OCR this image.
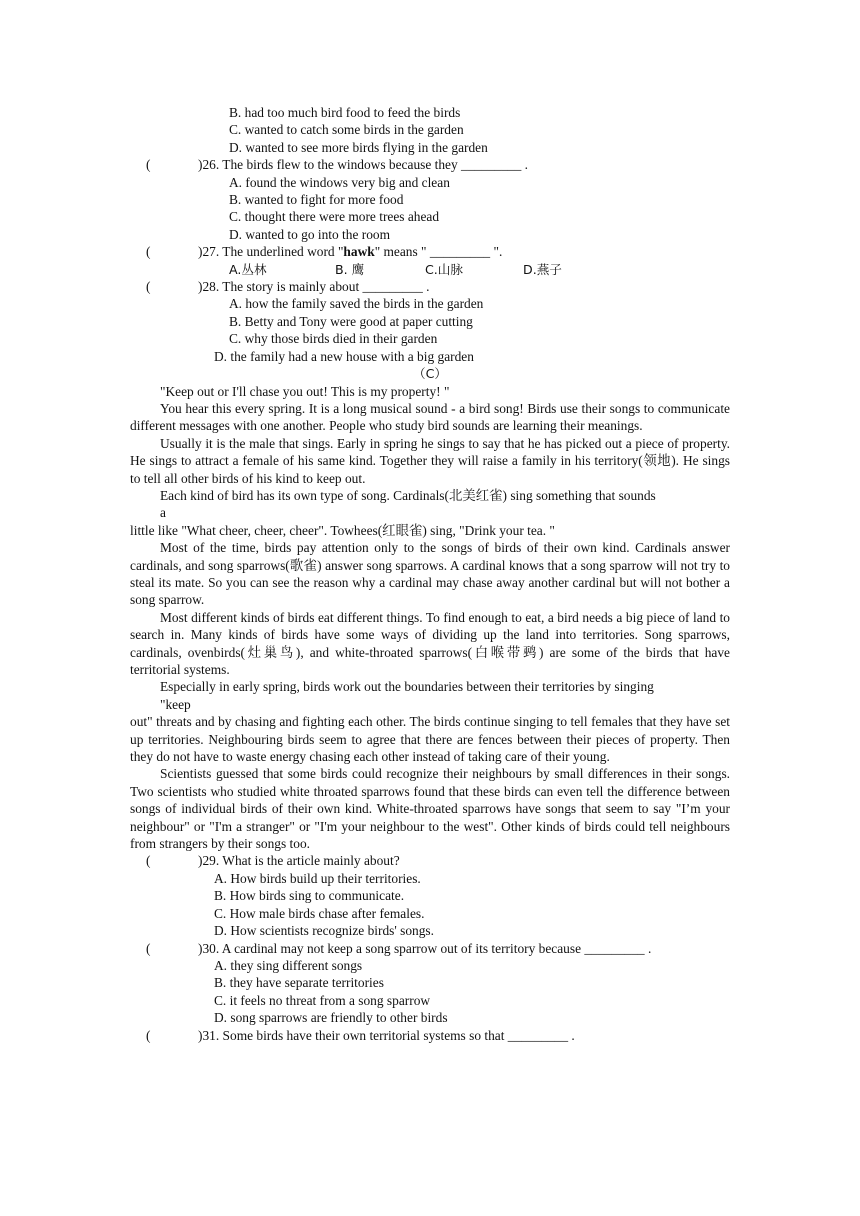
B. had too much bird food to feed the birds
C. wanted to catch some birds in the garden
D. wanted to see more birds flying in the garden
(	)26. The birds flew to the windows because they _________ .
A. found the windows very big and clean
B. wanted to fight for more food
C. thought there were more trees ahead
D. wanted to go into the room
(	)27. The underlined word "hawk" means " _________ ".
A.丛林	B. 鹰	C.山脉	D.燕子
(	)28. The story is mainly about _________ .
A. how the family saved the birds in the garden
B. Betty and Tony were good at paper cutting
C. why those birds died in their garden
D. the family had a new house with a big garden
（C）
"Keep out or I'll chase you out! This is my property! "
You hear this every spring. It is a long musical sound - a bird song! Birds use their songs to communicate different messages with one another. People who study bird sounds are learning their meanings.
Usually it is the male that sings. Early in spring he sings to say that he has picked out a piece of property. He sings to attract a female of his same kind. Together they will raise a family in his territory(领地). He sings to tell all other birds of his kind to keep out.
Each kind of bird has its own type of song. Cardinals(北美红雀) sing something that sounds
a
little like "What cheer, cheer, cheer". Towhees(红眼雀) sing, "Drink your tea. "
Most of the time, birds pay attention only to the songs of birds of their own kind. Cardinals answer cardinals, and song sparrows(歌雀) answer song sparrows. A cardinal knows that a song sparrow will not try to steal its mate. So you can see the reason why a cardinal may chase away another cardinal but will not bother a song sparrow.
Most different kinds of birds eat different things. To find enough to eat, a bird needs a big piece of land to search in. Many kinds of birds have some ways of dividing up the land into territories. Song sparrows, cardinals, ovenbirds(灶巢鸟), and white-throated sparrows(白喉带鹀) are some of the birds that have territorial systems.
Especially in early spring, birds work out the boundaries between their territories by singing
"keep
out" threats and by chasing and fighting each other. The birds continue singing to tell females that they have set up territories. Neighbouring birds seem to agree that there are fences between their pieces of property. Then they do not have to waste energy chasing each other instead of taking care of their young.
Scientists guessed that some birds could recognize their neighbours by small differences in their songs. Two scientists who studied white throated sparrows found that these birds can even tell the difference between songs of individual birds of their own kind. White-throated sparrows have songs that seem to say "I’m your neighbour" or "I'm a stranger" or "I'm your neighbour to the west". Other kinds of birds could tell neighbours from strangers by their songs too.
(	)29. What is the article mainly about?
A. How birds build up their territories.
B. How birds sing to communicate.
C. How male birds chase after females.
D. How scientists recognize birds' songs.
(	)30. A cardinal may not keep a song sparrow out of its territory because _________ .
A. they sing different songs
B. they have separate territories
C. it feels no threat from a song sparrow
D. song sparrows are friendly to other birds
(	)31. Some birds have their own territorial systems so that _________ .
